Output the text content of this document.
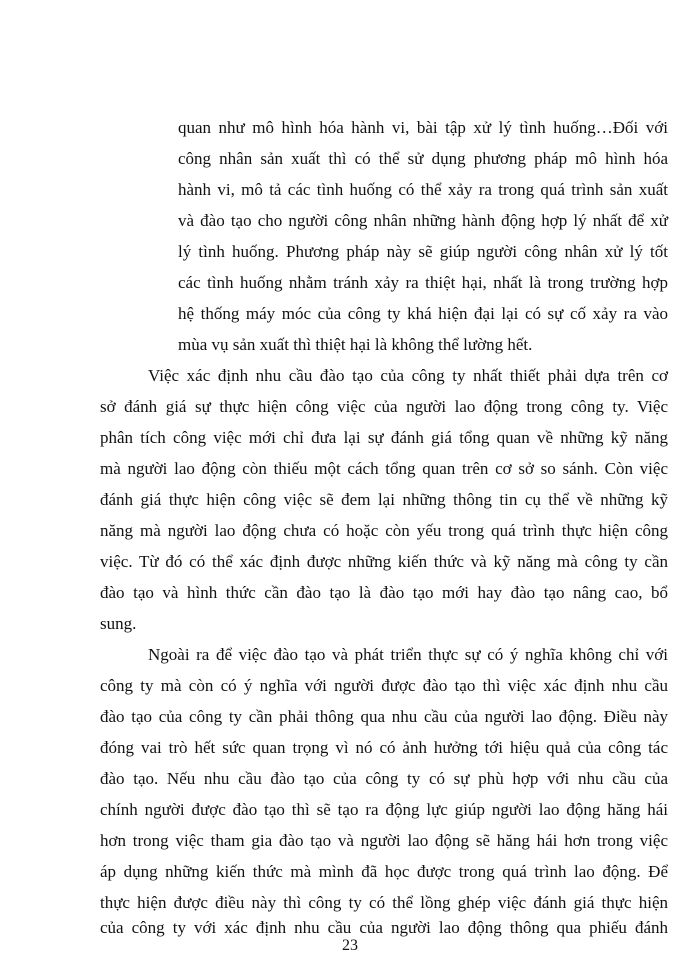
quan như mô hình hóa hành vi, bài tập xử lý tình huống…Đối với
công nhân sản xuất thì có thể sử dụng phương pháp mô hình hóa
hành vi, mô tả các tình huống có thể xảy ra trong quá trình sản xuất
và đào tạo cho người công nhân những hành động hợp lý nhất để xử
lý tình huống. Phương pháp này sẽ giúp người công nhân xử lý tốt
các tình huống nhằm tránh xảy ra thiệt hại, nhất là trong trường hợp
hệ thống máy móc của công ty khá hiện đại lại có sự cố xảy ra vào
mùa vụ sản xuất thì thiệt hại là không thể lường hết.
Việc xác định nhu cầu đào tạo của công ty nhất thiết phải dựa trên cơ
sở đánh giá sự thực hiện công việc của người lao động trong công ty. Việc
phân tích công việc mới chỉ đưa lại sự đánh giá tổng quan về những kỹ năng
mà người lao động còn thiếu một cách tổng quan trên cơ sở so sánh. Còn việc
đánh giá thực hiện công việc sẽ đem lại những thông tin cụ thể về những kỹ
năng mà người lao động chưa có hoặc còn yếu trong quá trình thực hiện công
việc. Từ đó có thể xác định được những kiến thức và kỹ năng mà công ty cần
đào tạo và hình thức cần đào tạo là đào tạo mới hay đào tạo nâng cao, bổ
sung.
Ngoài ra để việc đào tạo và phát triển thực sự có ý nghĩa không chỉ với
công ty mà còn có ý nghĩa với người được đào tạo thì việc xác định nhu cầu
đào tạo của công ty cần phải thông qua nhu cầu của người lao động. Điều này
đóng vai trò hết sức quan trọng vì nó có ảnh hưởng tới hiệu quả của công tác
đào tạo. Nếu nhu cầu đào tạo của công ty có sự phù hợp với nhu cầu của
chính người được đào tạo thì sẽ tạo ra động lực giúp người lao động hăng hái
hơn trong việc tham gia đào tạo và người lao động sẽ hăng hái hơn trong việc
áp dụng những kiến thức mà mình đã học được trong quá trình lao động. Để
thực hiện được điều này thì công ty có thể lồng ghép việc đánh giá thực hiện
của công ty với xác định nhu cầu của người lao động thông qua phiếu đánh
23
